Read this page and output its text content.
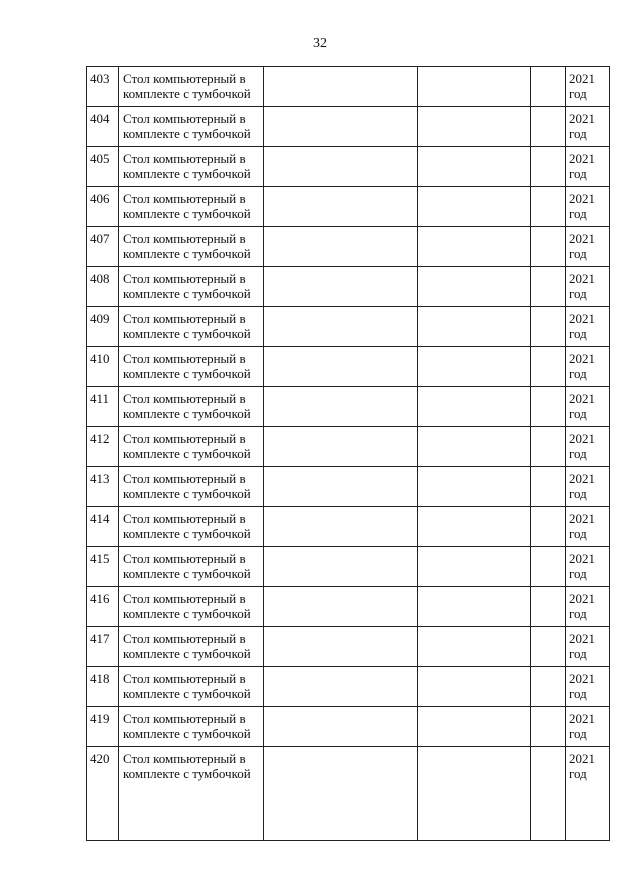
32
403	Стол компьютерный в
комплекте с тумбочкой				2021
год

404	Стол компьютерный в
комплекте с тумбочкой				2021
год

405	Стол компьютерный в
комплекте с тумбочкой				2021
год

406	Стол компьютерный в
комплекте с тумбочкой				2021
год

407	Стол компьютерный в
комплекте с тумбочкой				2021
год

408	Стол компьютерный в
комплекте с тумбочкой				2021
год

409	Стол компьютерный в
комплекте с тумбочкой				2021
год

410	Стол компьютерный в
комплекте с тумбочкой				2021
год

411	Стол компьютерный в
комплекте с тумбочкой				2021
год

412	Стол компьютерный в
комплекте с тумбочкой				2021
год

413	Стол компьютерный в
комплекте с тумбочкой				2021
год

414	Стол компьютерный в
комплекте с тумбочкой				2021
год

415	Стол компьютерный в
комплекте с тумбочкой				2021
год

416	Стол компьютерный в
комплекте с тумбочкой				2021
год

417	Стол компьютерный в
комплекте с тумбочкой				2021
год

418	Стол компьютерный в
комплекте с тумбочкой				2021
год

419	Стол компьютерный в
комплекте с тумбочкой				2021
год

420	Стол компьютерный в
комплекте с тумбочкой				2021
год
